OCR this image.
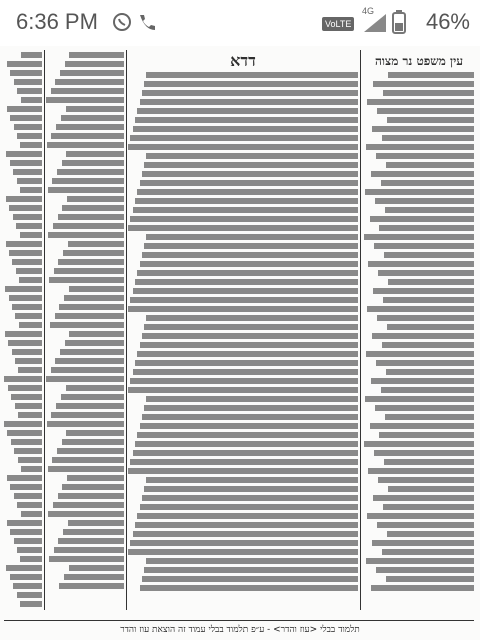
6:36 PM	VoLTE
4G 46%
עין משפט נר מצוה
דדא
תלמוד בבלי <עוז והדר> - ע״פ תלמוד בבלי עמוד זה הוצאת עוז והדר
